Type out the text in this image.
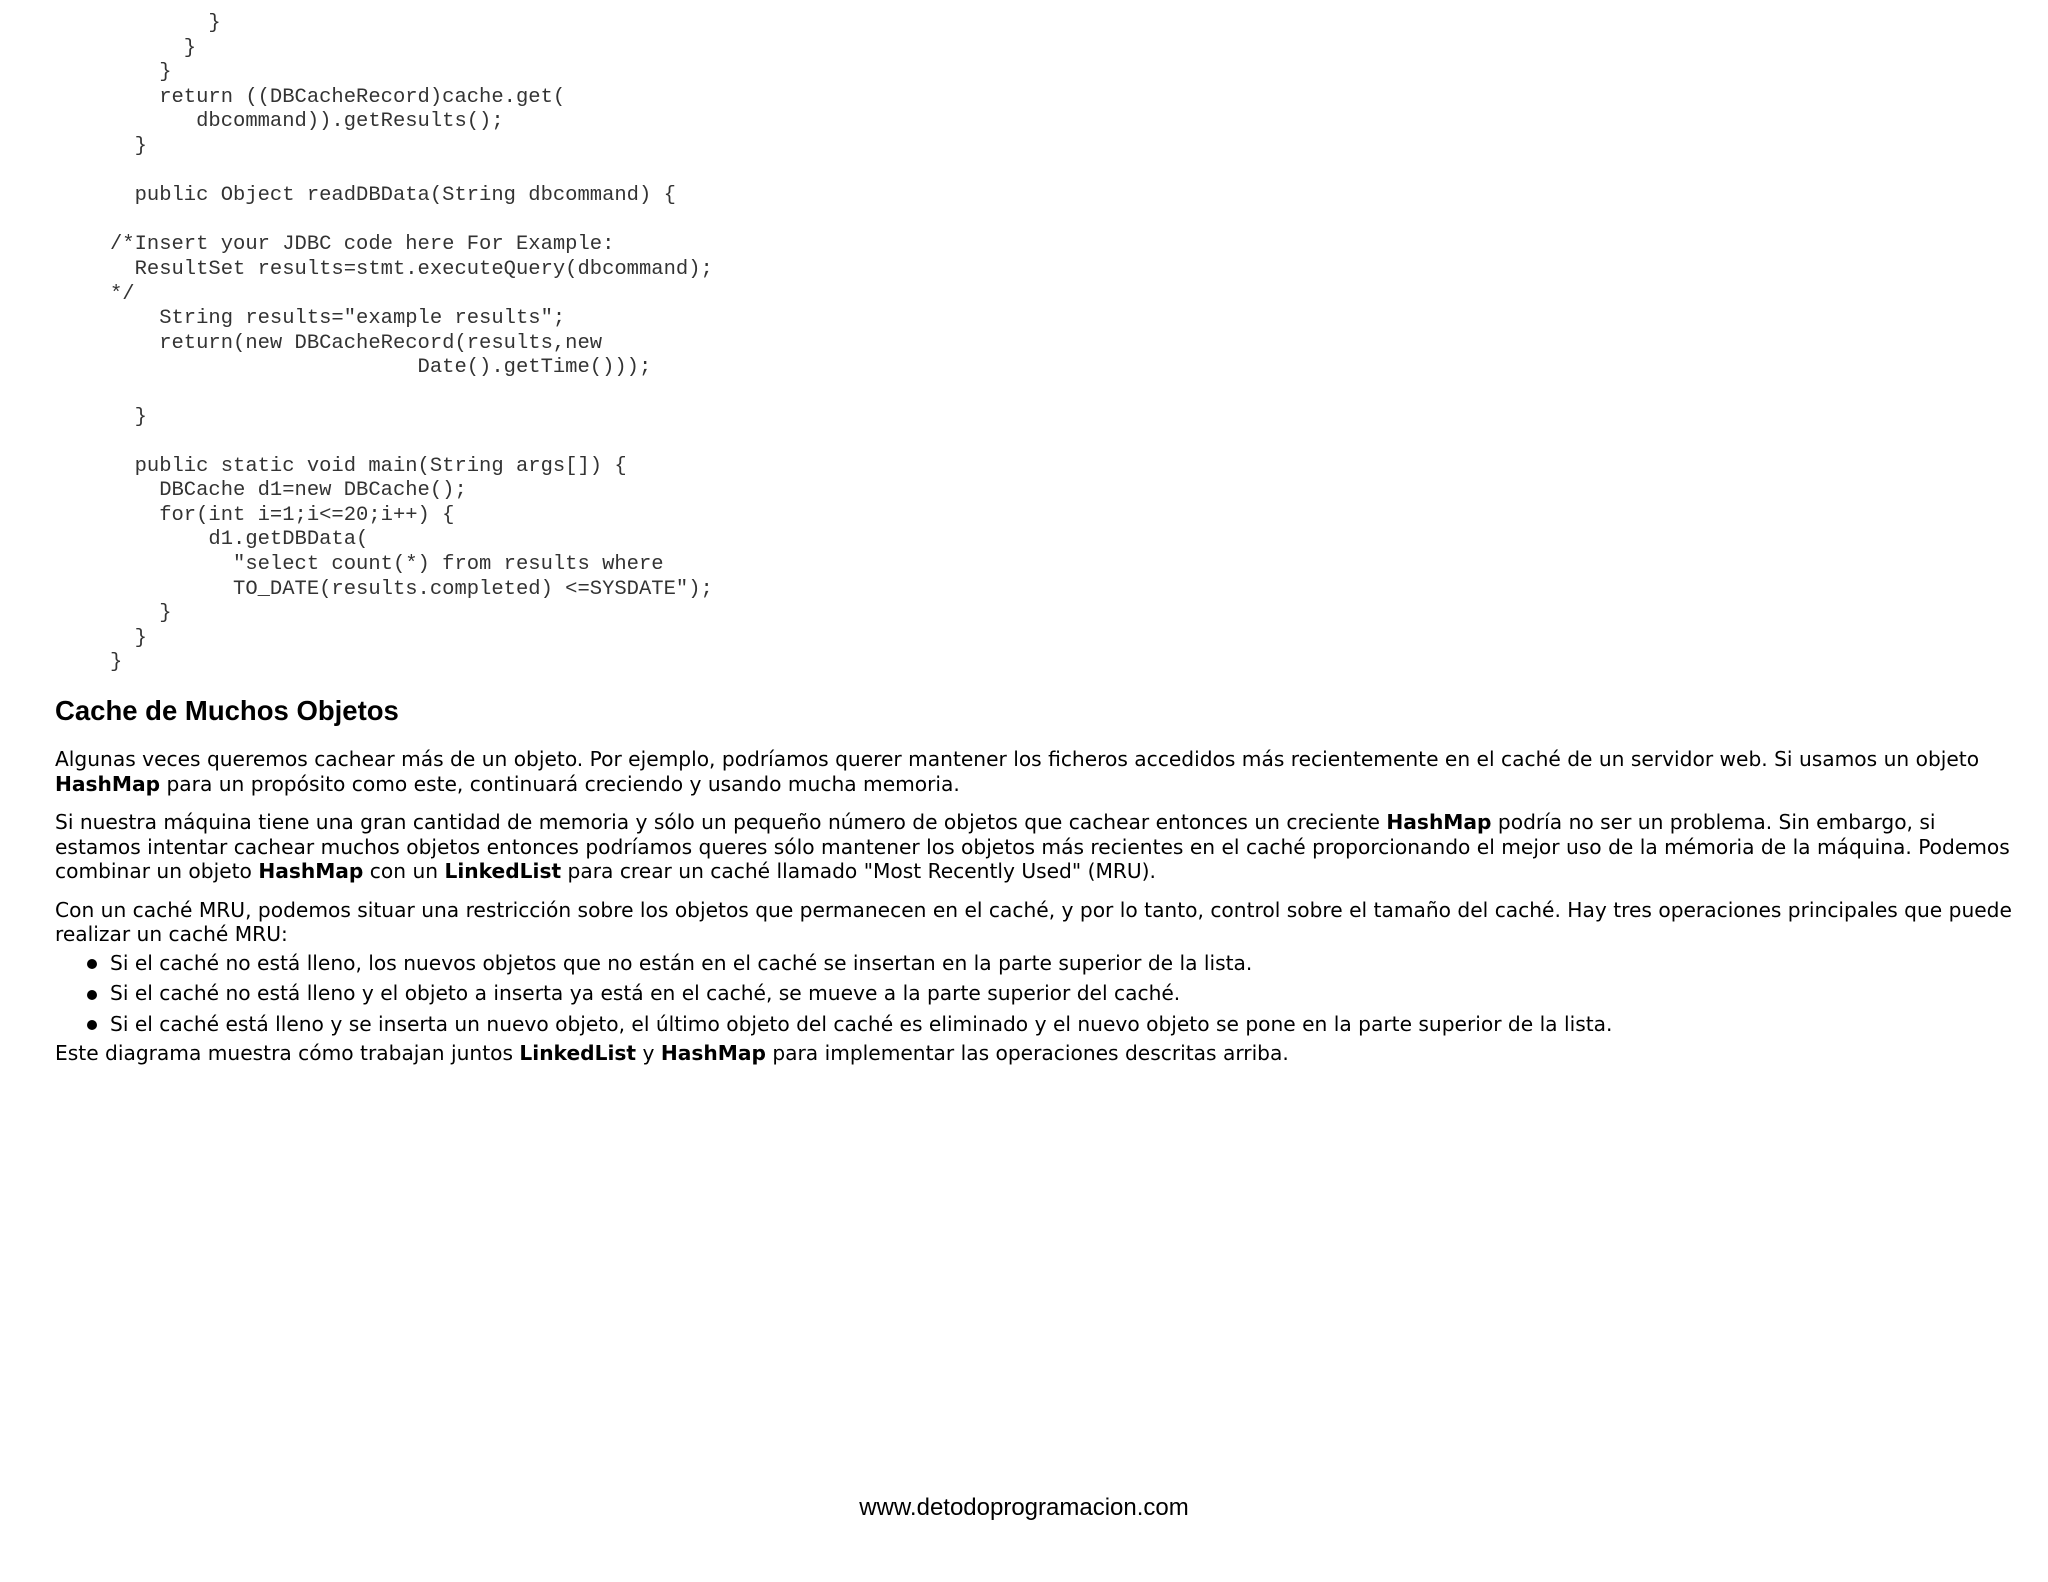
}
}
}
return ((DBCacheRecord)cache.get(
dbcommand)).getResults();
}

public Object readDBData(String dbcommand) {

/*Insert your JDBC code here For Example:
ResultSet results=stmt.executeQuery(dbcommand);
*/
String results="example results";
return(new DBCacheRecord(results,new
Date().getTime()));

}

public static void main(String args[]) {
DBCache d1=new DBCache();
for(int i=1;i<=20;i++) {
d1.getDBData(
"select count(*) from results where
TO_DATE(results.completed) <=SYSDATE");
}
}
}

Cache de Muchos Objetos

Algunas veces queremos cachear más de un objeto. Por ejemplo, podríamos querer mantener los ficheros accedidos más recientemente en el caché de un servidor web. Si usamos un objeto HashMap para un propósito como este, continuará creciendo y usando mucha memoria.

Si nuestra máquina tiene una gran cantidad de memoria y sólo un pequeño número de objetos que cachear entonces un creciente HashMap podría no ser un problema. Sin embargo, si estamos intentar cachear muchos objetos entonces podríamos queres sólo mantener los objetos más recientes en el caché proporcionando el mejor uso de la mémoria de la máquina. Podemos combinar un objeto HashMap con un LinkedList para crear un caché llamado "Most Recently Used" (MRU).

Con un caché MRU, podemos situar una restricción sobre los objetos que permanecen en el caché, y por lo tanto, control sobre el tamaño del caché. Hay tres operaciones principales que puede realizar un caché MRU:

Si el caché no está lleno, los nuevos objetos que no están en el caché se insertan en la parte superior de la lista.
Si el caché no está lleno y el objeto a inserta ya está en el caché, se mueve a la parte superior del caché.
Si el caché está lleno y se inserta un nuevo objeto, el último objeto del caché es eliminado y el nuevo objeto se pone en la parte superior de la lista.

Este diagrama muestra cómo trabajan juntos LinkedList y HashMap para implementar las operaciones descritas arriba.

www.detodoprogramacion.com
